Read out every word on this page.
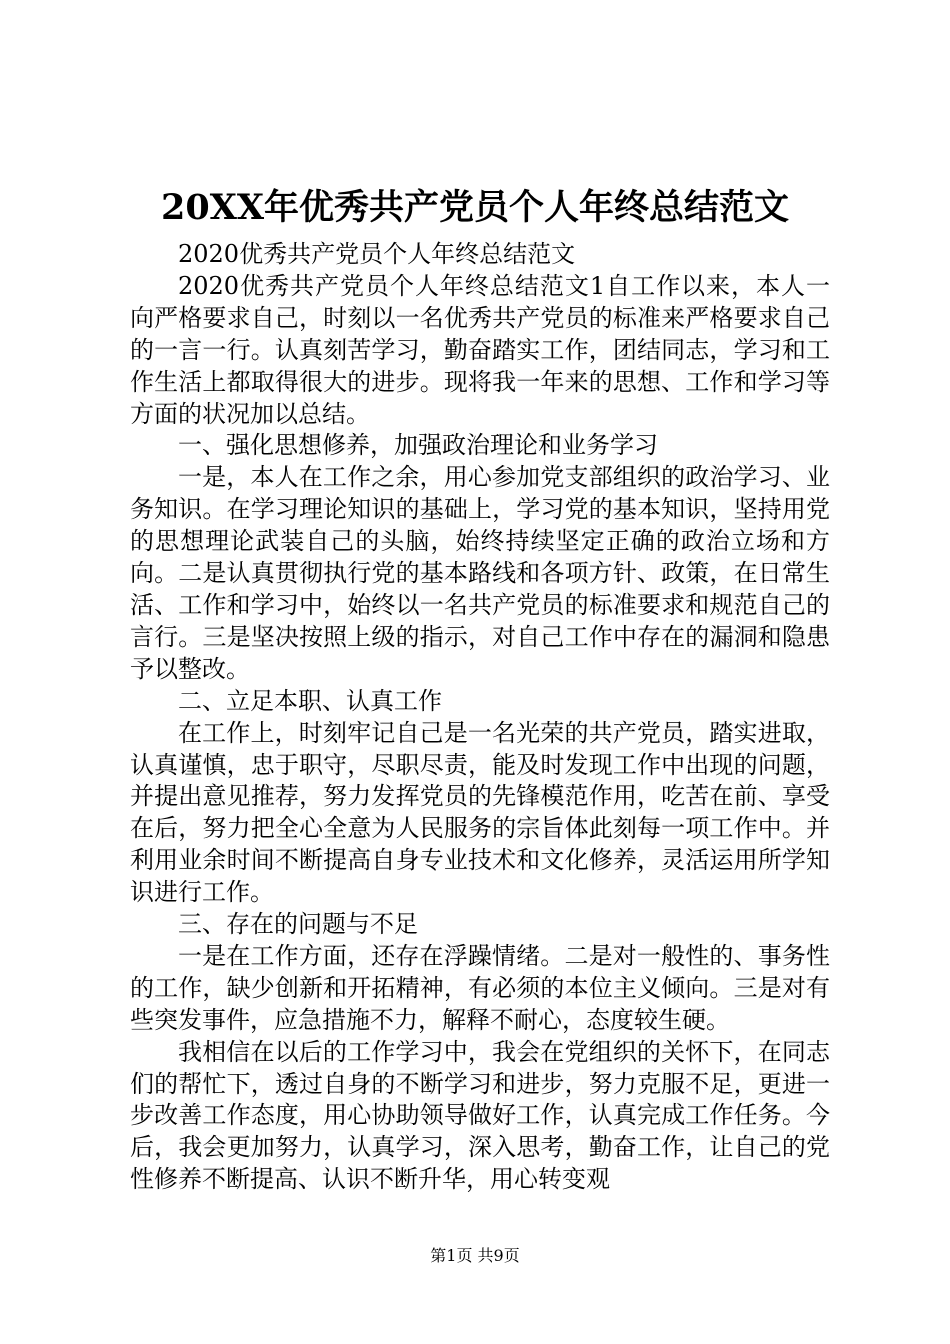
20XX年优秀共产党员个人年终总结范文

2020优秀共产党员个人年终总结范文

2020优秀共产党员个人年终总结范文1自工作以来，本人一向严格要求自己，时刻以一名优秀共产党员的标准来严格要求自己的一言一行。认真刻苦学习，勤奋踏实工作，团结同志，学习和工作生活上都取得很大的进步。现将我一年来的思想、工作和学习等方面的状况加以总结。

一、强化思想修养，加强政治理论和业务学习

一是，本人在工作之余，用心参加党支部组织的政治学习、业务知识。在学习理论知识的基础上，学习党的基本知识，坚持用党的思想理论武装自己的头脑，始终持续坚定正确的政治立场和方向。二是认真贯彻执行党的基本路线和各项方针、政策，在日常生活、工作和学习中，始终以一名共产党员的标准要求和规范自己的言行。三是坚决按照上级的指示，对自己工作中存在的漏洞和隐患予以整改。

二、立足本职、认真工作

在工作上，时刻牢记自己是一名光荣的共产党员，踏实进取，认真谨慎，忠于职守，尽职尽责，能及时发现工作中出现的问题，并提出意见推荐，努力发挥党员的先锋模范作用，吃苦在前、享受在后，努力把全心全意为人民服务的宗旨体此刻每一项工作中。并利用业余时间不断提高自身专业技术和文化修养，灵活运用所学知识进行工作。

三、存在的问题与不足

一是在工作方面，还存在浮躁情绪。二是对一般性的、事务性的工作，缺少创新和开拓精神，有必须的本位主义倾向。三是对有些突发事件，应急措施不力，解释不耐心，态度较生硬。

我相信在以后的工作学习中，我会在党组织的关怀下，在同志们的帮忙下，透过自身的不断学习和进步，努力克服不足，更进一步改善工作态度，用心协助领导做好工作，认真完成工作任务。今后，我会更加努力，认真学习，深入思考，勤奋工作，让自己的党性修养不断提高、认识不断升华，用心转变观

第1页 共9页
